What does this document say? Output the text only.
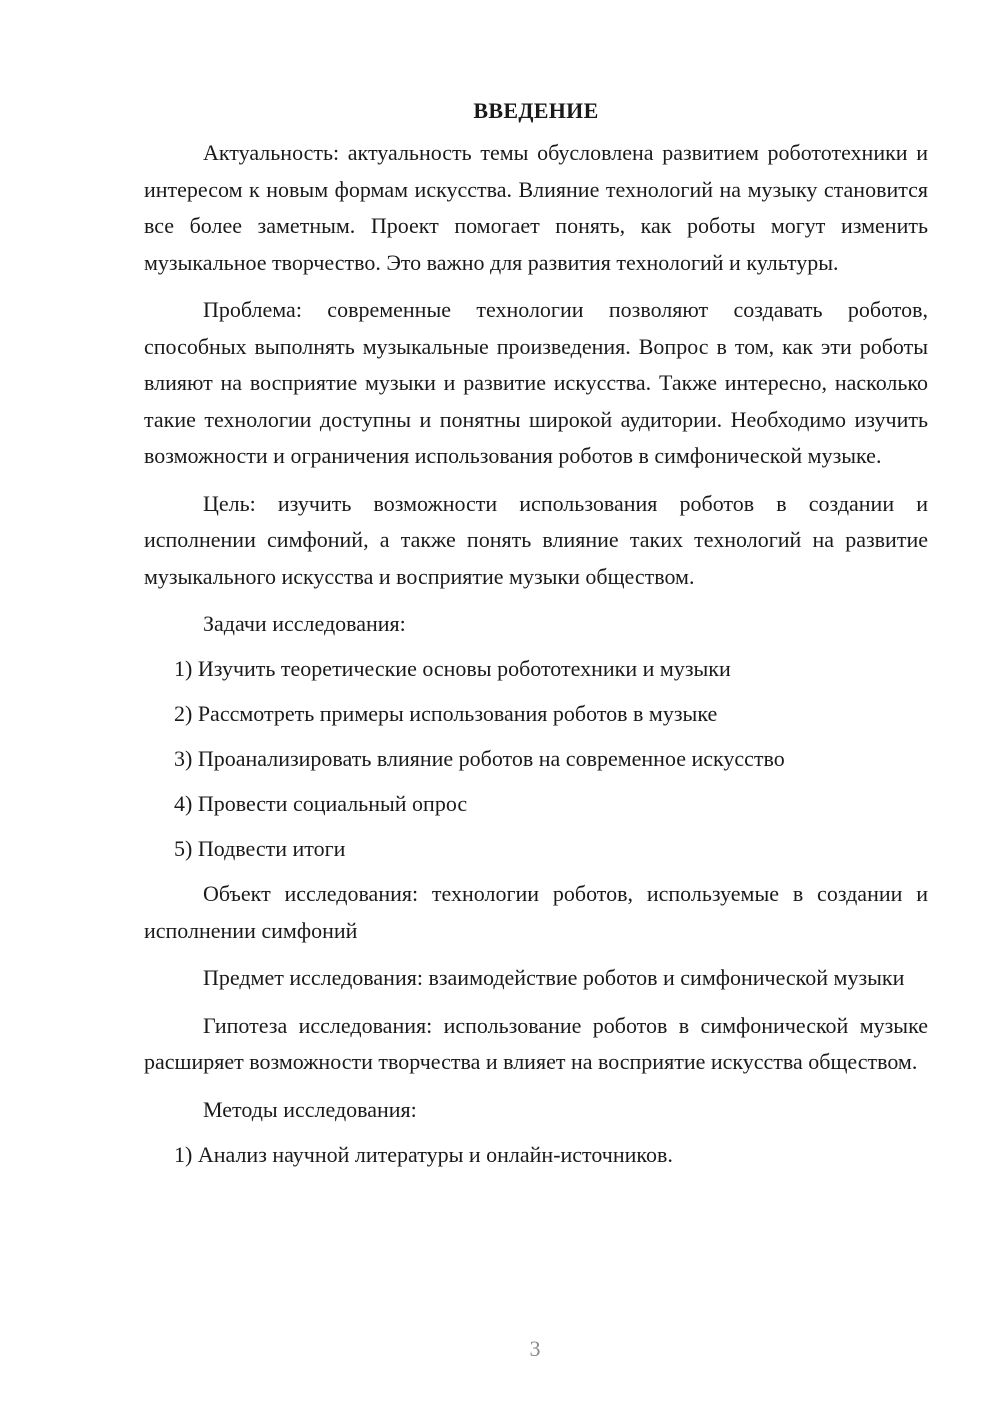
ВВЕДЕНИЕ

Актуальность: актуальность темы обусловлена развитием робототехники и интересом к новым формам искусства. Влияние технологий на музыку становится все более заметным. Проект помогает понять, как роботы могут изменить музыкальное творчество. Это важно для развития технологий и культуры.

Проблема: современные технологии позволяют создавать роботов, способных выполнять музыкальные произведения. Вопрос в том, как эти роботы влияют на восприятие музыки и развитие искусства. Также интересно, насколько такие технологии доступны и понятны широкой аудитории. Необходимо изучить возможности и ограничения использования роботов в симфонической музыке.

Цель: изучить возможности использования роботов в создании и исполнении симфоний, а также понять влияние таких технологий на развитие музыкального искусства и восприятие музыки обществом.

Задачи исследования:
1) Изучить теоретические основы робототехники и музыки
2) Рассмотреть примеры использования роботов в музыке
3) Проанализировать влияние роботов на современное искусство
4) Провести социальный опрос
5) Подвести итоги

Объект исследования: технологии роботов, используемые в создании и исполнении симфоний

Предмет исследования: взаимодействие роботов и симфонической музыки

Гипотеза исследования: использование роботов в симфонической музыке расширяет возможности творчества и влияет на восприятие искусства обществом.

Методы исследования:
1) Анализ научной литературы и онлайн-источников.
3
